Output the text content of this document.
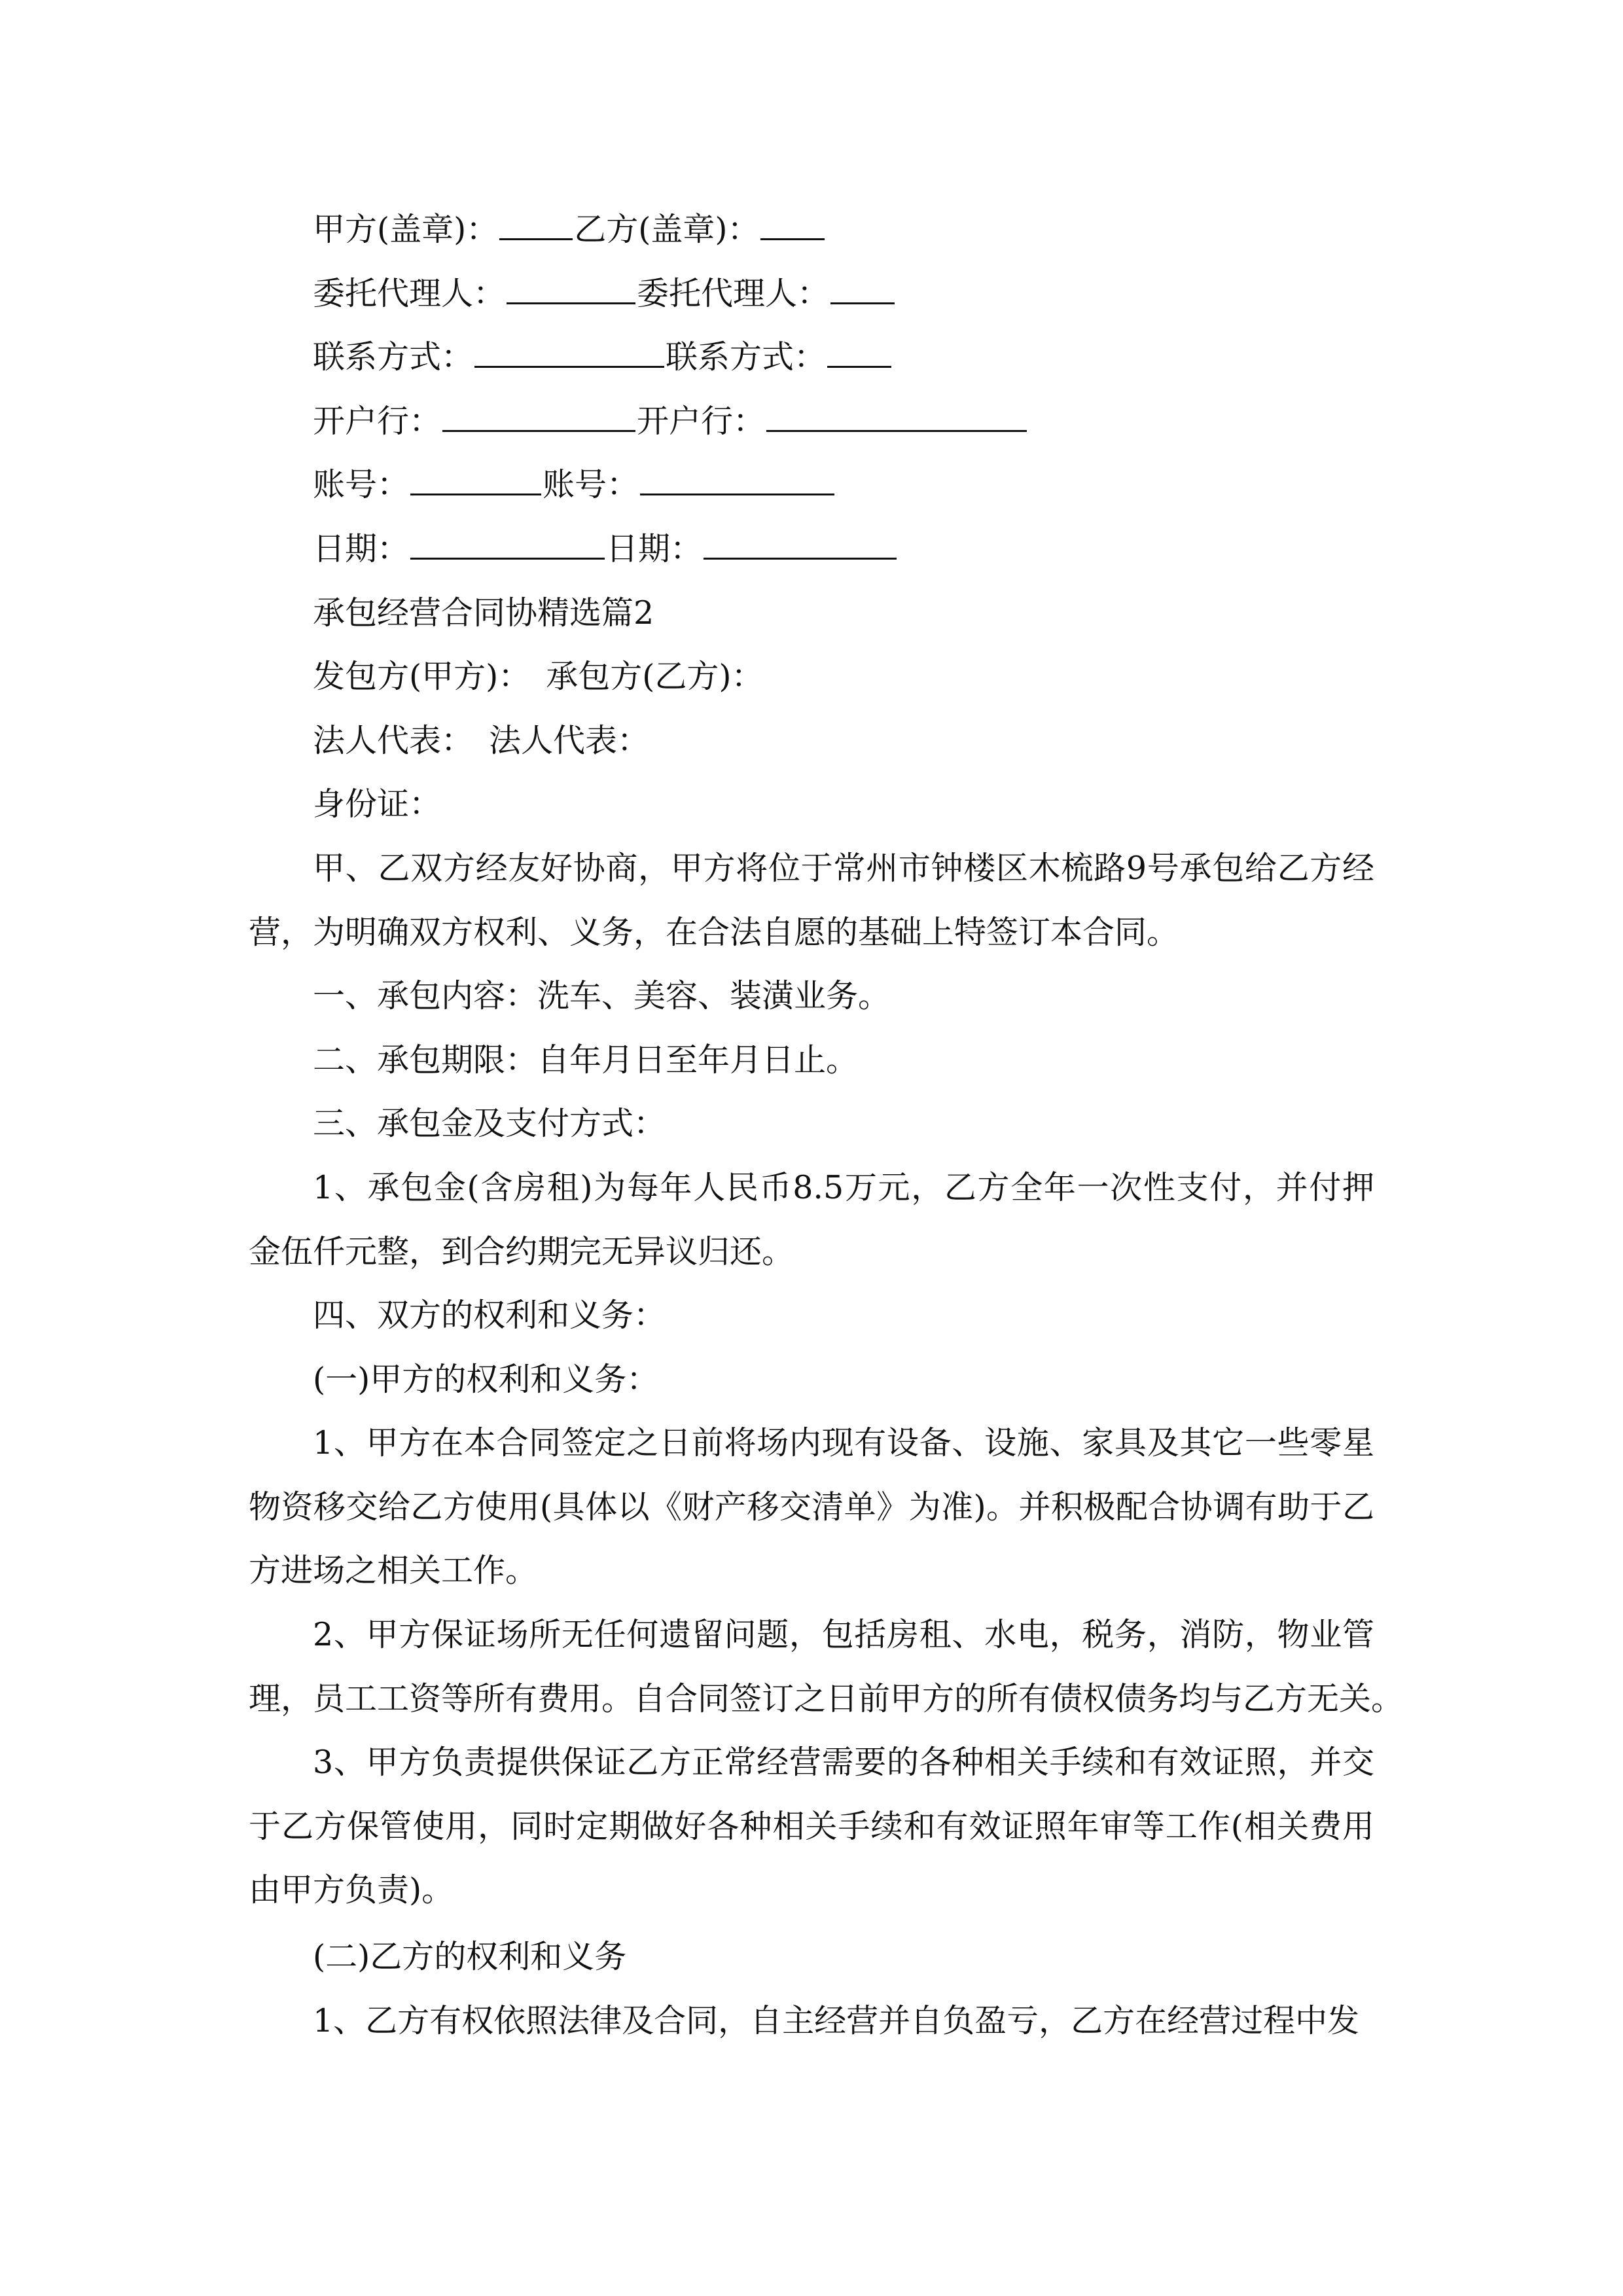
甲方(盖章)： 乙方(盖章)：
委托代理人：	委托代理人：
联系方式：	联系方式：
开户行：	开户行：
账号：	账号：
日期：	日期：
承包经营合同协精选篇2
发包方(甲方)： 承包方(乙方)：
法人代表： 法人代表：
身份证：
甲、乙双方经友好协商，甲方将位于常州市钟楼区木梳路9号承包给乙方经
营，为明确双方权利、义务，在合法自愿的基础上特签订本合同。
一、承包内容：洗车、美容、装潢业务。
二、承包期限：自年月日至年月日止。
三、承包金及支付方式：
1、承包金(含房租)为每年人民币8.5万元，乙方全年一次性支付，并付押
金伍仟元整，到合约期完无异议归还。
四、双方的权利和义务：
(一)甲方的权利和义务：
1、甲方在本合同签定之日前将场内现有设备、设施、家具及其它一些零星
物资移交给乙方使用(具体以《财产移交清单》为准)。并积极配合协调有助于乙
方进场之相关工作。
2、甲方保证场所无任何遗留问题，包括房租、水电，税务，消防，物业管
理，员工工资等所有费用。自合同签订之日前甲方的所有债权债务均与乙方无关。
3、甲方负责提供保证乙方正常经营需要的各种相关手续和有效证照，并交
于乙方保管使用，同时定期做好各种相关手续和有效证照年审等工作(相关费用
由甲方负责)。
(二)乙方的权利和义务
1、乙方有权依照法律及合同，自主经营并自负盈亏，乙方在经营过程中发
